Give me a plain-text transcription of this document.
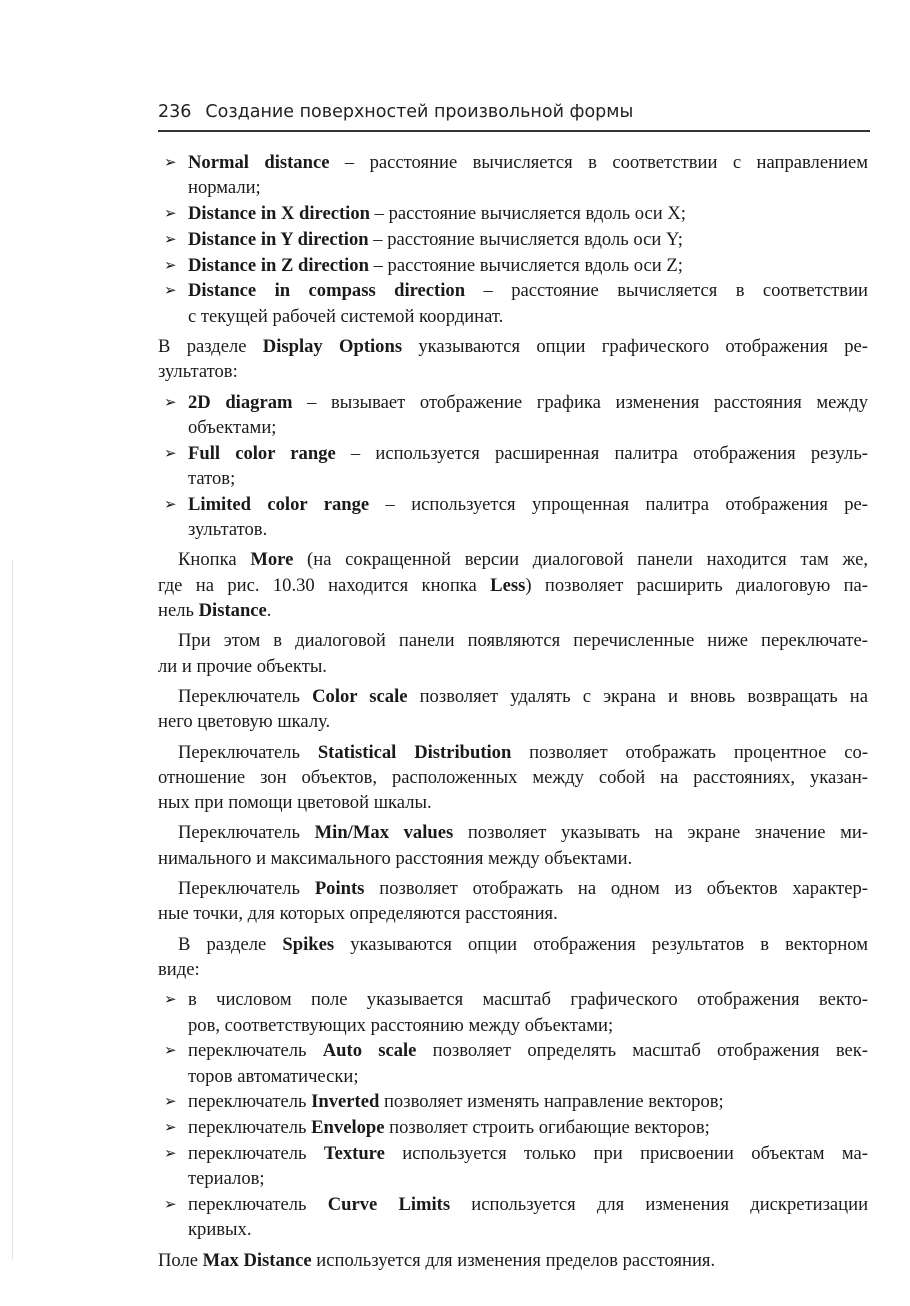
236 Создание поверхностей произвольной формы
➢ Normal distance – расстояние вычисляется в соответствии с направлением
нормали;
➢ Distance in X direction – расстояние вычисляется вдоль оси X;
➢ Distance in Y direction – расстояние вычисляется вдоль оси Y;
➢ Distance in Z direction – расстояние вычисляется вдоль оси Z;
➢ Distance in compass direction – расстояние вычисляется в соответствии
с текущей рабочей системой координат.
В разделе Display Options указываются опции графического отображения ре-
зультатов:
➢ 2D diagram – вызывает отображение графика изменения расстояния между
объектами;
➢ Full color range – используется расширенная палитра отображения резуль-
татов;
➢ Limited color range – используется упрощенная палитра отображения ре-
зультатов.
Кнопка More (на сокращенной версии диалоговой панели находится там же,
где на рис. 10.30 находится кнопка Less) позволяет расширить диалоговую па-
нель Distance.
При этом в диалоговой панели появляются перечисленные ниже переключате-
ли и прочие объекты.
Переключатель Color scale позволяет удалять с экрана и вновь возвращать на
него цветовую шкалу.
Переключатель Statistical Distribution позволяет отображать процентное со-
отношение зон объектов, расположенных между собой на расстояниях, указан-
ных при помощи цветовой шкалы.
Переключатель Min/Max values позволяет указывать на экране значение ми-
нимального и максимального расстояния между объектами.
Переключатель Points позволяет отображать на одном из объектов характер-
ные точки, для которых определяются расстояния.
В разделе Spikes указываются опции отображения результатов в векторном
виде:
➢ в числовом поле указывается масштаб графического отображения векто-
ров, соответствующих расстоянию между объектами;
➢ переключатель Auto scale позволяет определять масштаб отображения век-
торов автоматически;
➢ переключатель Inverted позволяет изменять направление векторов;
➢ переключатель Envelope позволяет строить огибающие векторов;
➢ переключатель Texture используется только при присвоении объектам ма-
териалов;
➢ переключатель Curve Limits используется для изменения дискретизации
кривых.
Поле Max Distance используется для изменения пределов расстояния.
